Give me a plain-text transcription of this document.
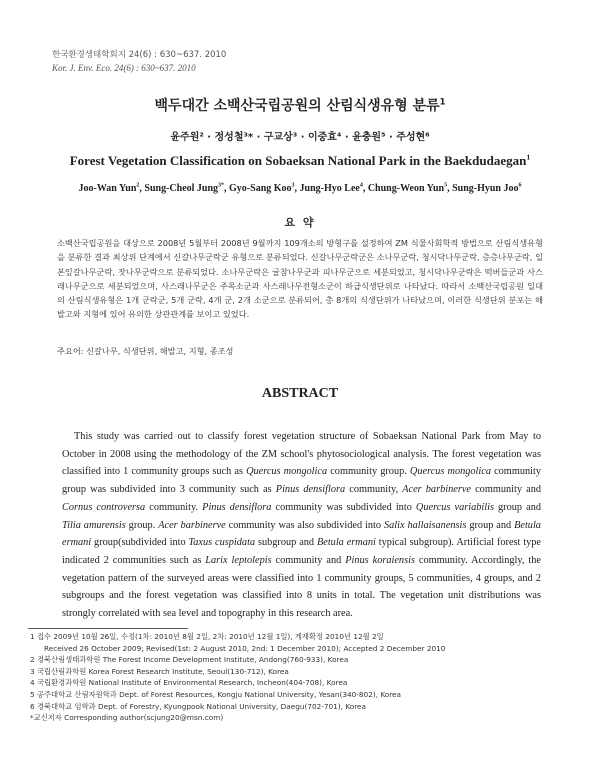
한국환경생태학회지 24(6) : 630~637. 2010
Kor. J. Env. Eco. 24(6) : 630~637. 2010
백두대간 소백산국립공원의 산림식생유형 분류$^1$
윤주원² · 정성철³* · 구교상³ · 이중효⁴ · 윤충원⁵ · 주성현⁶
Forest Vegetation Classification on Sobaeksan National Park in the Baekdudaegan$^1$
Joo-Wan Yun$^2$, Sung-Cheol Jung$^{3*}$, Gyo-Sang Koo$^3$, Jung-Hyo Lee$^4$, Chung-Weon Yun$^5$, Sung-Hyun Joo$^6$
요 약
소백산국립공원을 대상으로 2008년 5월부터 2008년 9월까지 109개소의 방형구를 설정하여 ZM 식물사회학적 방법으로 산림식생유형을 분류한 결과 최상위 단계에서 신갈나무군락군 유형으로 분류되었다. 신갈나무군락군은 소나무군락, 청시닥나무군락, 층층나무군락, 일본잎갈나무군락, 잣나무군락으로 분류되었다. 소나무군락은 굴참나무군과 피나무군으로 세분되었고, 청시닥나무군락은 떡버들군과 사스래나무군으로 세분되었으며, 사스래나무군은 주목소군과 사스래나무전형소군이 하급식생단위로 나타났다. 따라서 소백산국립공원 일대의 산림식생유형은 1개 군락군, 5개 군락, 4개 군, 2개 소군으로 분류되어, 총 8개의 식생단위가 나타났으며, 이러한 식생단위 분포는 해발고와 지형에 있어 유의한 상관관계를 보이고 있었다.
주요어: 신갈나무, 식생단위, 해발고, 지형, 종조성
ABSTRACT

This study was carried out to classify forest vegetation structure of Sobaeksan National Park from May to October in 2008 using the methodology of the ZM school's phytosociological analysis. The forest vegetation was classified into 1 community groups such as Quercus mongolica community group. Quercus mongolica community group was subdivided into 3 community such as Pinus densiflora community, Acer barbinerve community and Cornus controversa community. Pinus densiflora community was subdivided into Quercus variabilis group and Tilia amurensis group. Acer barbinerve community was also subdivided into Salix hallaisanensis group and Betula ermani group(subdivided into Taxus cuspidata subgroup and Betula ermani typical subgroup). Artificial forest type indicated 2 communities such as Larix leptolepis community and Pinus koraiensis community. Accordingly, the vegetation pattern of the surveyed areas were classified into 1 community groups, 5 communities, 4 groups, and 2 subgroups and the forest vegetation was classified into 8 units in total. The vegetation unit distributions was strongly correlated with sea level and topography in this research area.

1 접수 2009년 10월 26일, 수정(1차: 2010년 8월 2일, 2차: 2010년 12월 1일), 게재확정 2010년 12월 2일
Received 26 October 2009; Revised(1st: 2 August 2010, 2nd: 1 December 2010); Accepted 2 December 2010
2 경북산림생태과학원 The Forest Income Development Institute, Andong(760-933), Korea
3 국립산림과학원 Korea Forest Research Institute, Seoul(130-712), Korea
4 국립환경과학원 National Institute of Environmental Research, Incheon(404-708), Korea
5 공주대학교 산림자원학과 Dept. of Forest Resources, Kongju National University, Yesan(340-802), Korea
6 경북대학교 임학과 Dept. of Forestry, Kyungpook National University, Daegu(702-701), Korea
*교신저자 Corresponding author(scjung20@msn.com)
